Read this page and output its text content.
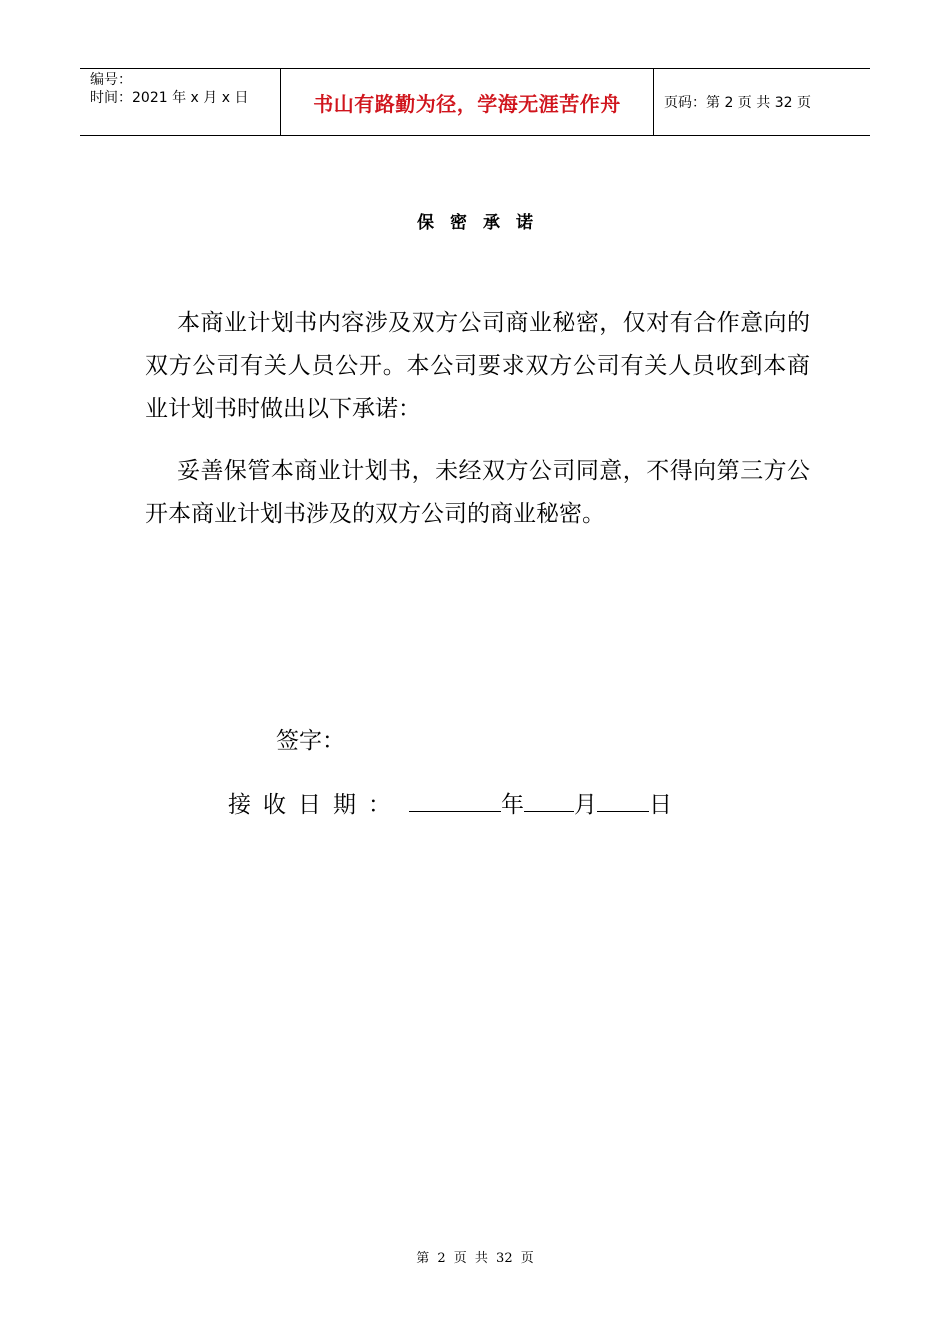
编号：
时间：2021 年 x 月 x 日	书山有路勤为径，学海无涯苦作舟	页码：第 2 页 共 32 页
保密承诺
本商业计划书内容涉及双方公司商业秘密，仅对有合作意向的双方公司有关人员公开。本公司要求双方公司有关人员收到本商业计划书时做出以下承诺：
妥善保管本商业计划书，未经双方公司同意，不得向第三方公开本商业计划书涉及的双方公司的商业秘密。
签字：
接收日期：	年 月 日
第 2 页 共 32 页
